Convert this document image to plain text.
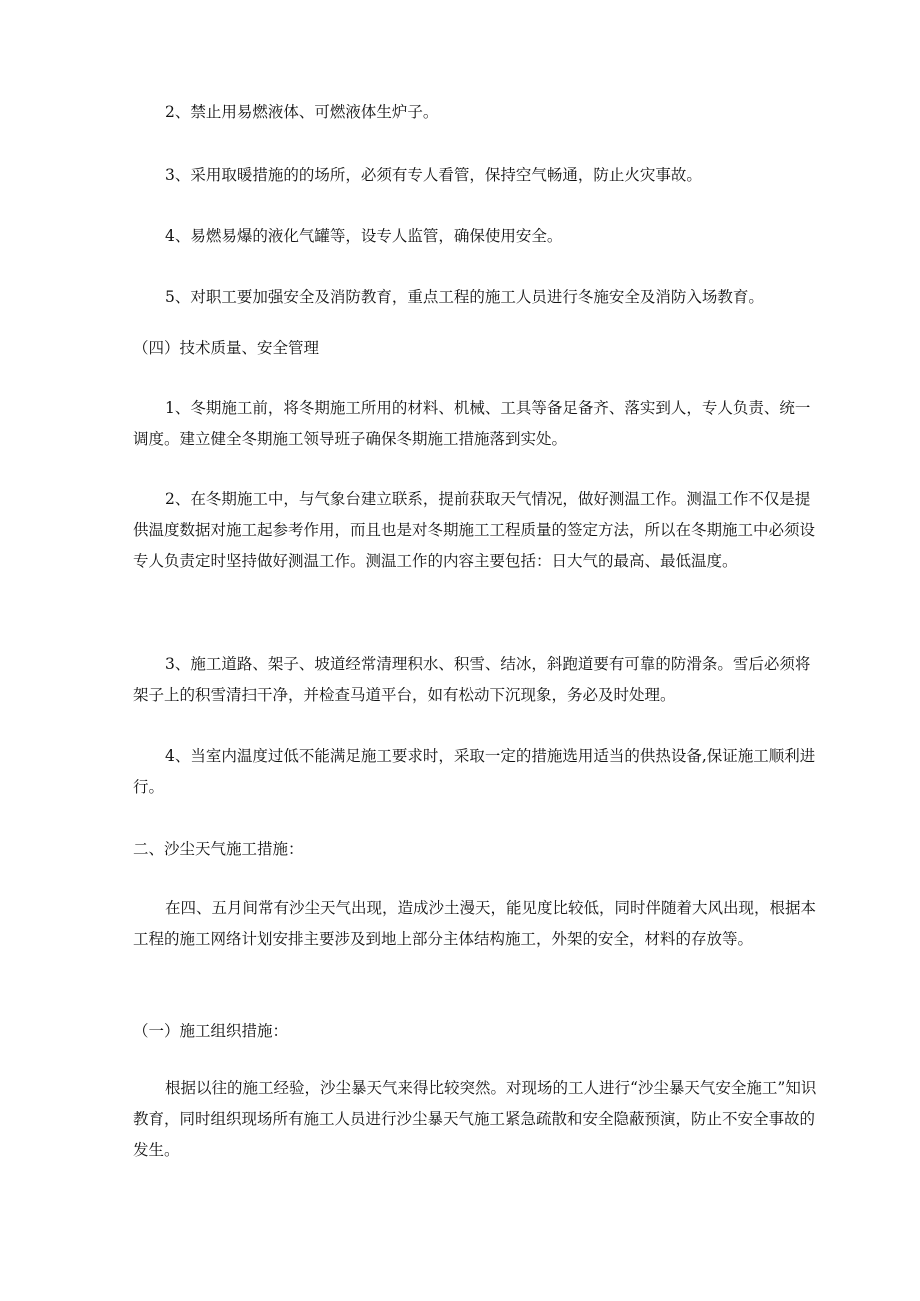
2、禁止用易燃液体、可燃液体生炉子。

3、采用取暖措施的的场所，必须有专人看管，保持空气畅通，防止火灾事故。

4、易燃易爆的液化气罐等，设专人监管，确保使用安全。

5、对职工要加强安全及消防教育，重点工程的施工人员进行冬施安全及消防入场教育。

（四）技术质量、安全管理

1、冬期施工前，将冬期施工所用的材料、机械、工具等备足备齐、落实到人，专人负责、统一调度。建立健全冬期施工领导班子确保冬期施工措施落到实处。

2、在冬期施工中，与气象台建立联系，提前获取天气情况，做好测温工作。测温工作不仅是提供温度数据对施工起参考作用，而且也是对冬期施工工程质量的签定方法，所以在冬期施工中必须设专人负责定时坚持做好测温工作。测温工作的内容主要包括：日大气的最高、最低温度。

3、施工道路、架子、坡道经常清理积水、积雪、结冰，斜跑道要有可靠的防滑条。雪后必须将架子上的积雪清扫干净，并检查马道平台，如有松动下沉现象，务必及时处理。

4、当室内温度过低不能满足施工要求时，采取一定的措施选用适当的供热设备,保证施工顺利进行。

二、沙尘天气施工措施：

在四、五月间常有沙尘天气出现，造成沙土漫天，能见度比较低，同时伴随着大风出现，根据本工程的施工网络计划安排主要涉及到地上部分主体结构施工，外架的安全，材料的存放等。

（一）施工组织措施：

根据以往的施工经验，沙尘暴天气来得比较突然。对现场的工人进行“沙尘暴天气安全施工”知识教育，同时组织现场所有施工人员进行沙尘暴天气施工紧急疏散和安全隐蔽预演，防止不安全事故的发生。
